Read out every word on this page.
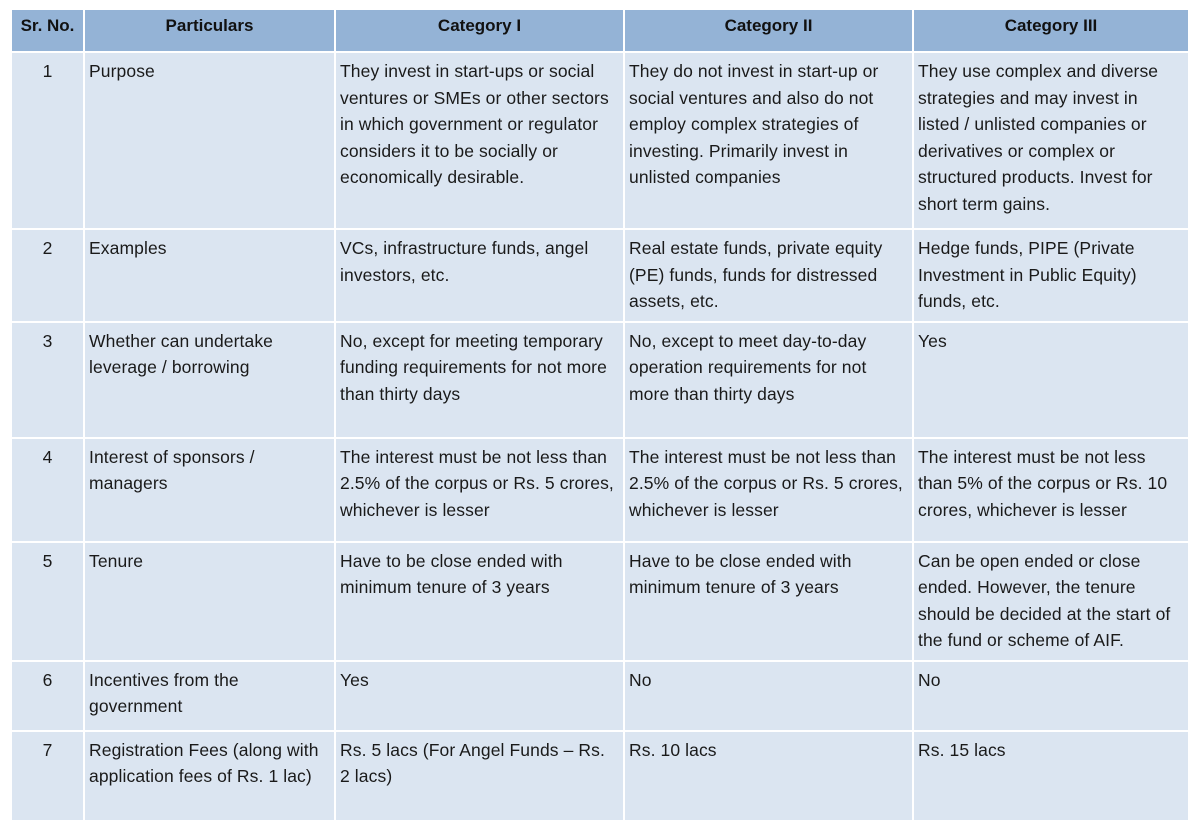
Sr. No.	Particulars	Category I	Category II	Category III
1	Purpose	They invest in start-ups or social ventures or SMEs or other sectors in which government or regulator considers it to be socially or economically desirable.	They do not invest in start-up or social ventures and also do not employ complex strategies of investing. Primarily invest in unlisted companies	They use complex and diverse strategies and may invest in listed / unlisted companies or derivatives or complex or structured products. Invest for short term gains.
2	Examples	VCs, infrastructure funds, angel investors, etc.	Real estate funds, private equity (PE) funds, funds for distressed assets, etc.	Hedge funds, PIPE (Private Investment in Public Equity) funds, etc.
3	Whether can undertake leverage / borrowing	No, except for meeting temporary funding requirements for not more than thirty days	No, except to meet day-to-day operation requirements for not more than thirty days	Yes
4	Interest of sponsors / managers	The interest must be not less than 2.5% of the corpus or Rs. 5 crores, whichever is lesser	The interest must be not less than 2.5% of the corpus or Rs. 5 crores, whichever is lesser	The interest must be not less than 5% of the corpus or Rs. 10 crores, whichever is lesser
5	Tenure	Have to be close ended with minimum tenure of 3 years	Have to be close ended with minimum tenure of 3 years	Can be open ended or close ended. However, the tenure should be decided at the start of the fund or scheme of AIF.
6	Incentives from the government	Yes	No	No
7	Registration Fees (along with application fees of Rs. 1 lac)	Rs. 5 lacs (For Angel Funds – Rs. 2 lacs)	Rs. 10 lacs	Rs. 15 lacs
